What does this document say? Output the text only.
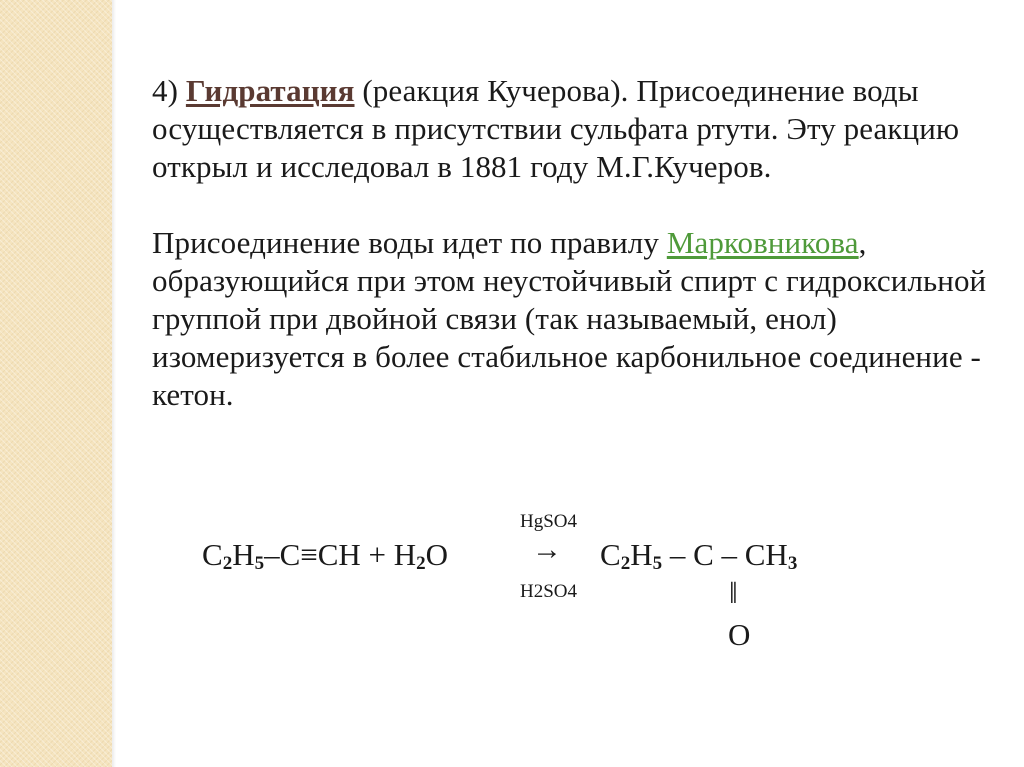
4) Гидратация (реакция Кучерова). Присоединение воды осуществляется в присутствии сульфата ртути. Эту реакцию открыл и исследовал в 1881 году М.Г.Кучеров.

Присоединение воды идет по правилу Марковникова, образующийся при этом неустойчивый спирт с гидроксильной группой при двойной связи (так называемый, енол) изомеризуется в более стабильное карбонильное соединение - кетон.

$C_2H_5-C\equiv CH + H_2O$
HgSO4
→
H2SO4
$C_2H_5$ – C – $CH_3$
‖
O
